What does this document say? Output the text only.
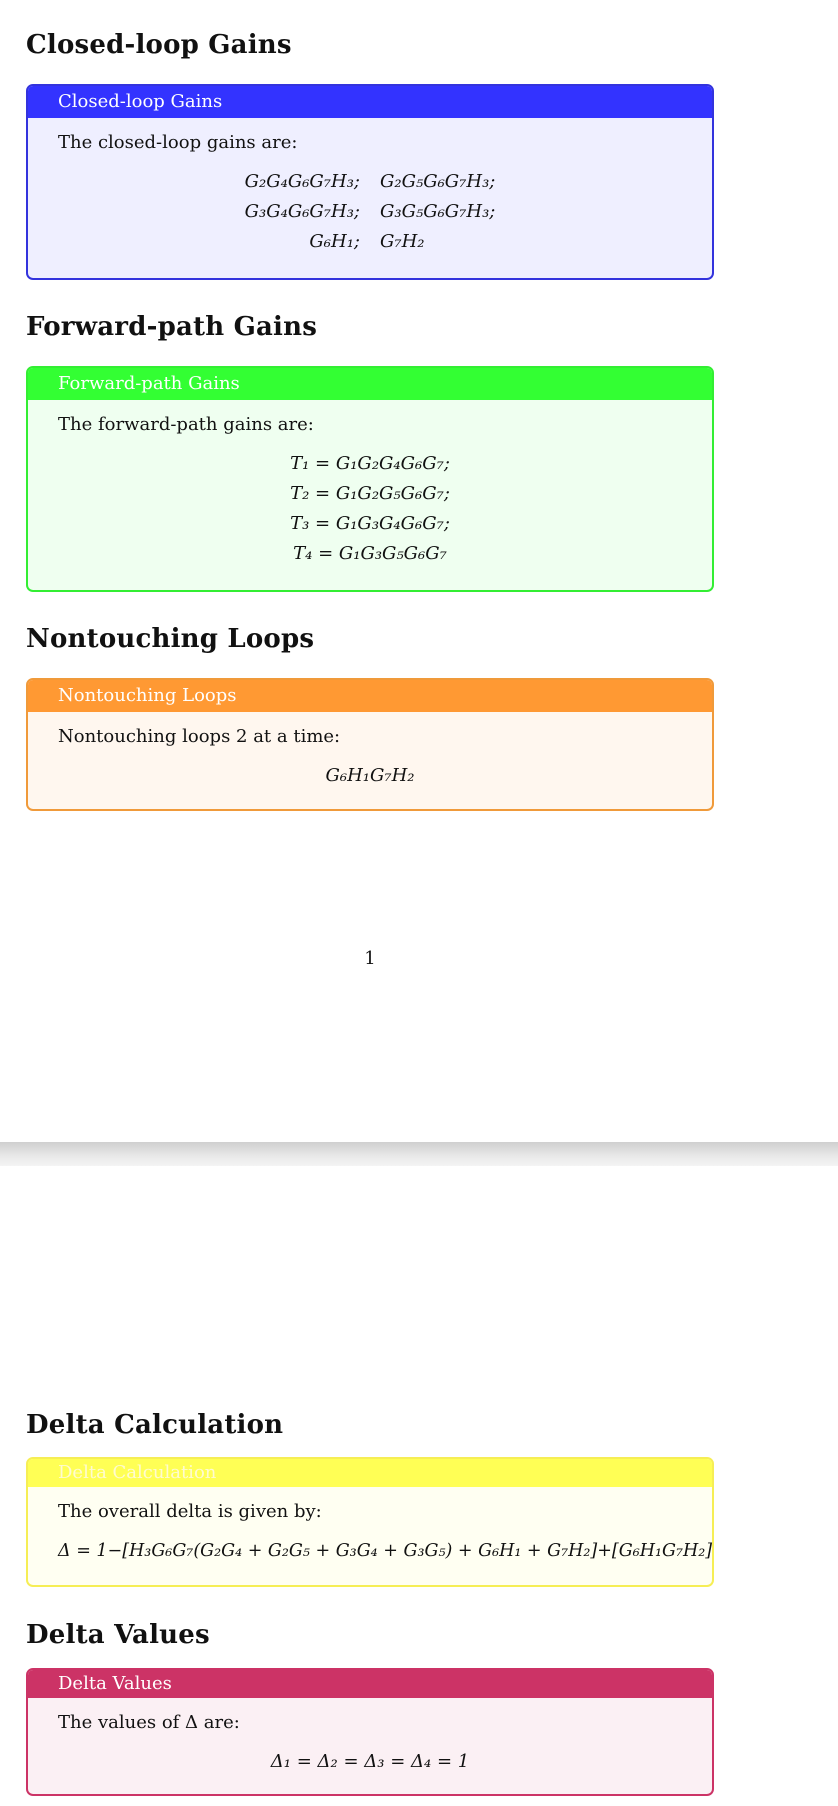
Closed-loop Gains
Closed-loop Gains
The closed-loop gains are:
G₂G₄G₆G₇H₃; G₂G₅G₆G₇H₃;
G₃G₄G₆G₇H₃; G₃G₅G₆G₇H₃;
G₆H₁; G₇H₂
Forward-path Gains
Forward-path Gains
The forward-path gains are:
T₁ = G₁G₂G₄G₆G₇;
T₂ = G₁G₂G₅G₆G₇;
T₃ = G₁G₃G₄G₆G₇;
T₄ = G₁G₃G₅G₆G₇
Nontouching Loops
Nontouching Loops
Nontouching loops 2 at a time:
G₆H₁G₇H₂
1
Delta Calculation
Delta Calculation
The overall delta is given by:
Δ = 1−[H₃G₆G₇(G₂G₄ + G₂G₅ + G₃G₄ + G₃G₅) + G₆H₁ + G₇H₂]+[G₆H₁G₇H₂]
Delta Values
Delta Values
The values of Δ are:
Δ₁ = Δ₂ = Δ₃ = Δ₄ = 1
